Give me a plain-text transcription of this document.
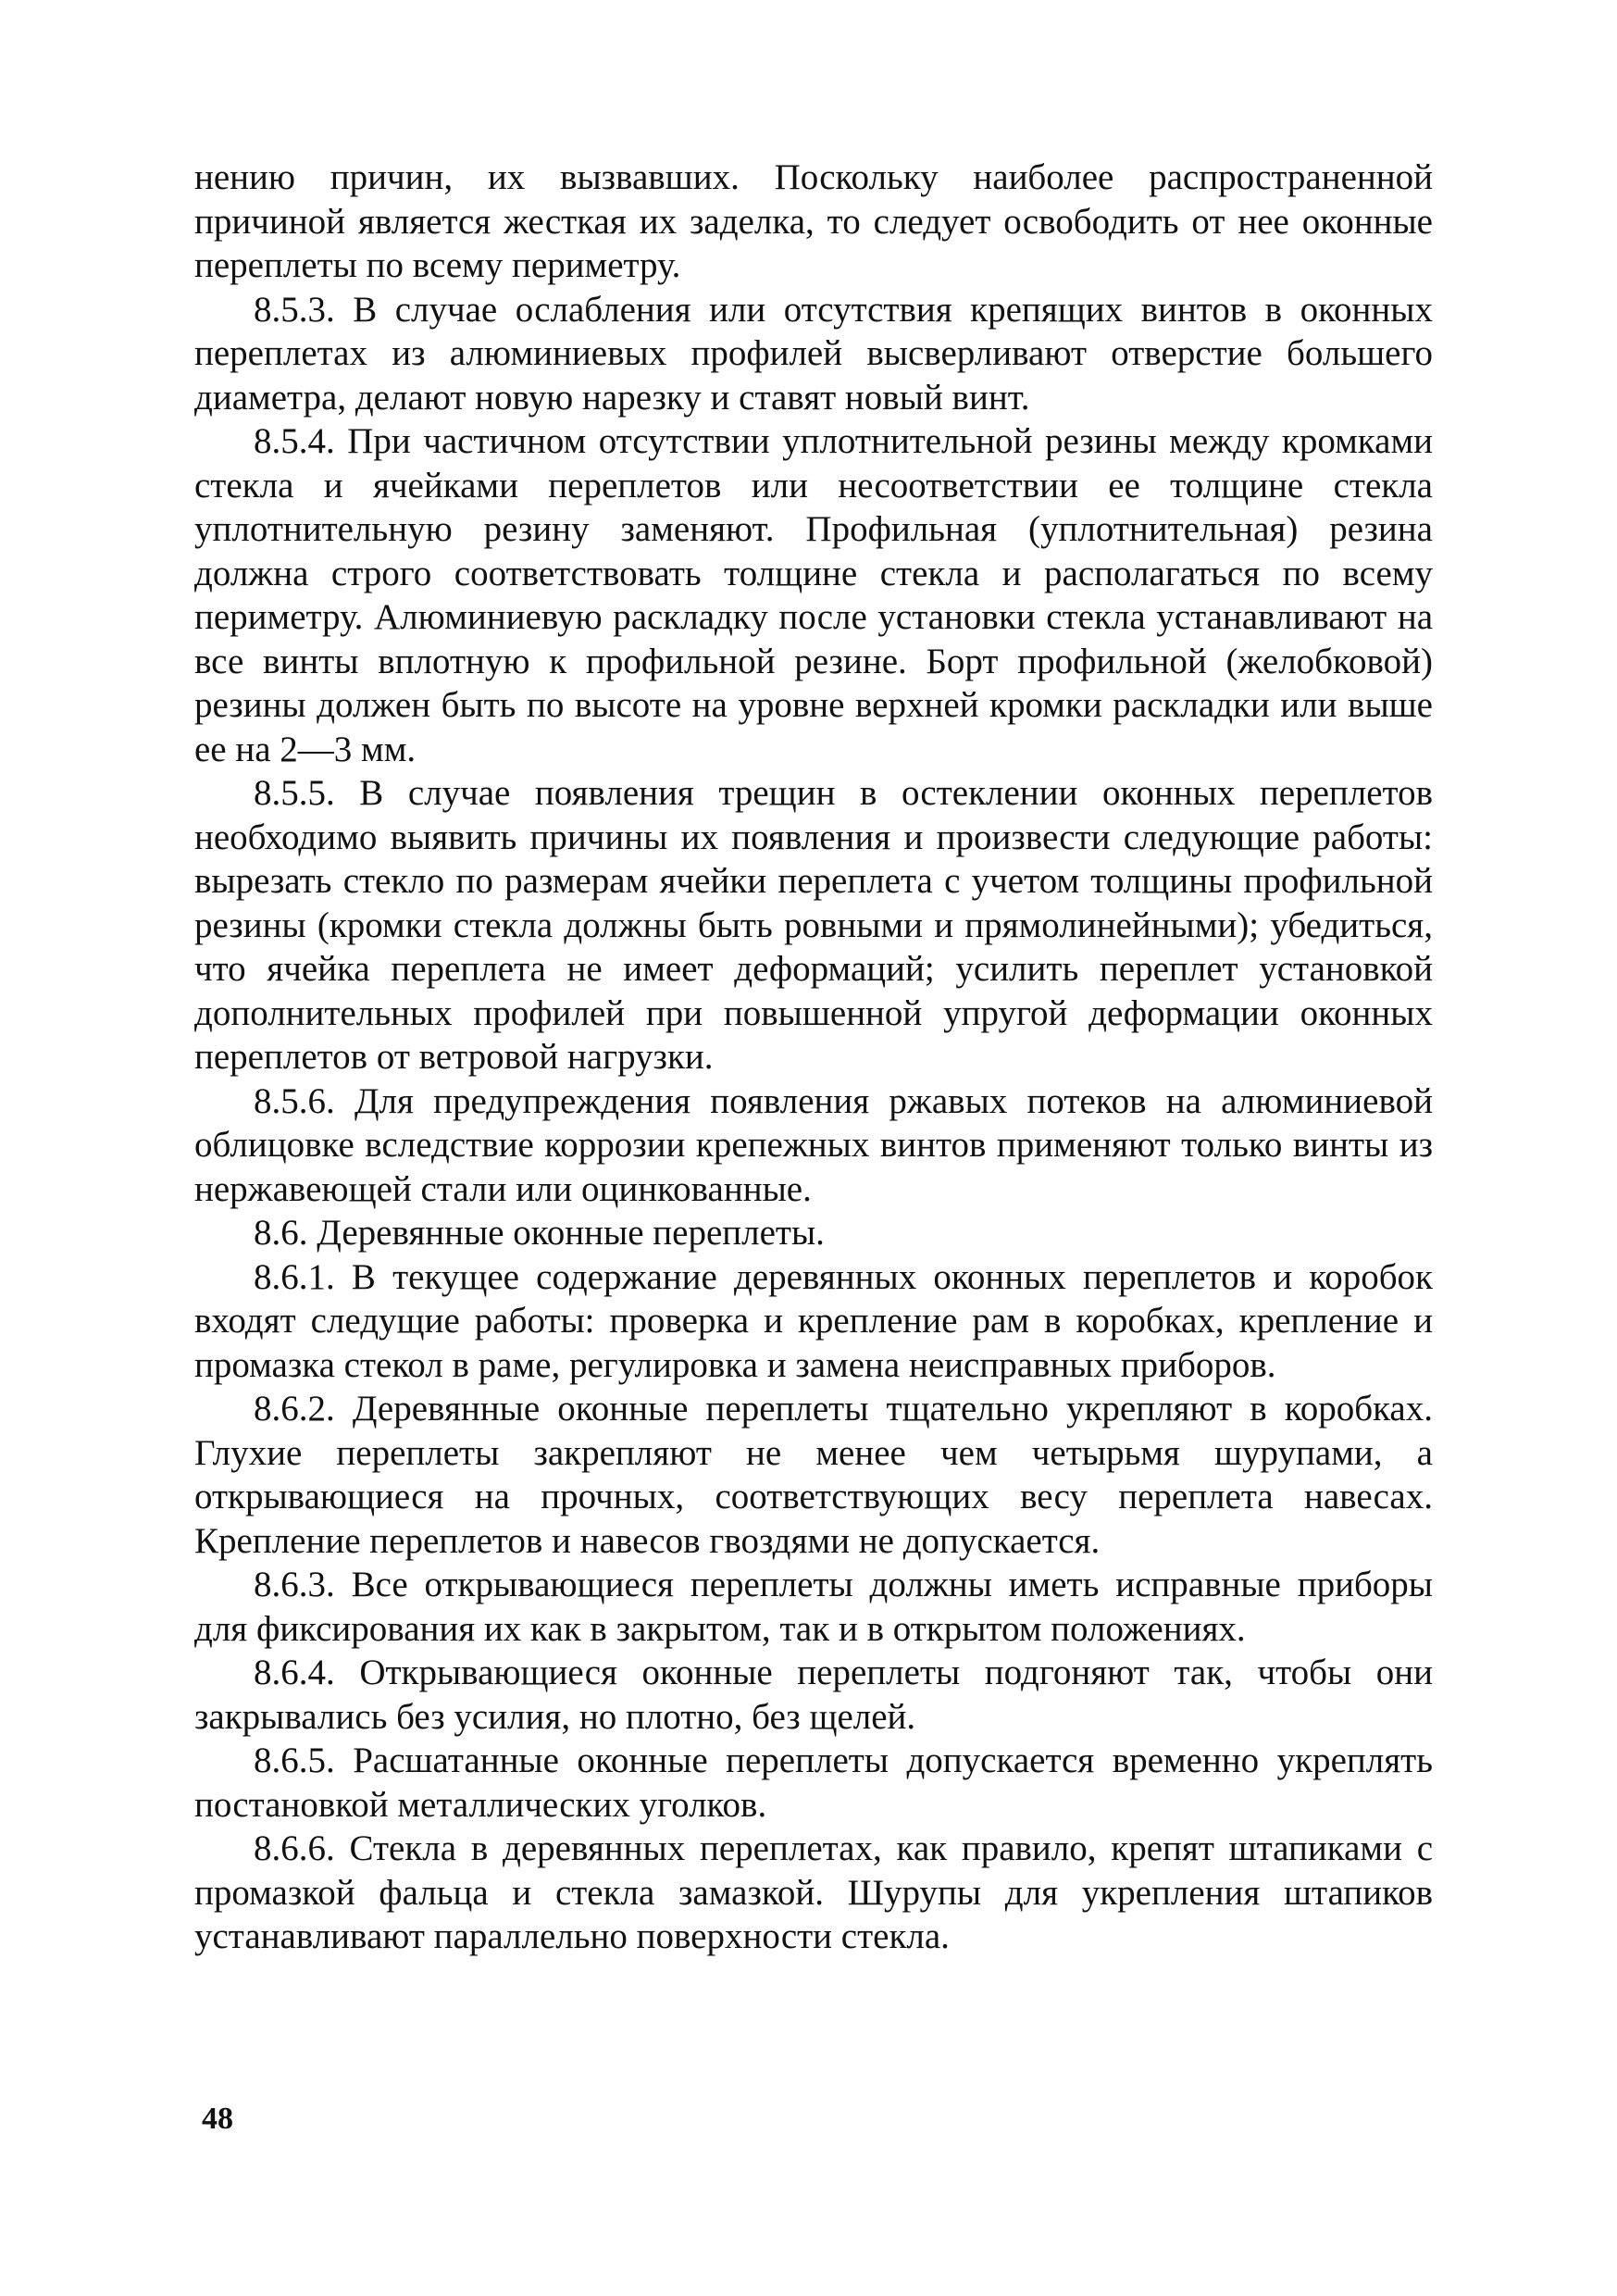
нению причин, их вызвавших. Поскольку наиболее распространенной причиной является жесткая их заделка, то следует освободить от нее оконные переплеты по всему периметру.

8.5.3. В случае ослабления или отсутствия крепящих винтов в оконных переплетах из алюминиевых профилей высверливают отверстие большего диаметра, делают новую нарезку и ставят новый винт.

8.5.4. При частичном отсутствии уплотнительной резины между кромками стекла и ячейками переплетов или несоответствии ее толщине стекла уплотнительную резину заменяют. Профильная (уплотнительная) резина должна строго соответствовать толщине стекла и располагаться по всему периметру. Алюминиевую раскладку после установки стекла устанавливают на все винты вплотную к профильной резине. Борт профильной (желобковой) резины должен быть по высоте на уровне верхней кромки раскладки или выше ее на 2—3 мм.

8.5.5. В случае появления трещин в остеклении оконных переплетов необходимо выявить причины их появления и произвести следующие работы: вырезать стекло по размерам ячейки переплета с учетом толщины профильной резины (кромки стекла должны быть ровными и прямолинейными); убедиться, что ячейка переплета не имеет деформаций; усилить переплет установкой дополнительных профилей при повышенной упругой деформации оконных переплетов от ветровой нагрузки.

8.5.6. Для предупреждения появления ржавых потеков на алюминиевой облицовке вследствие коррозии крепежных винтов применяют только винты из нержавеющей стали или оцинкованные.

8.6. Деревянные оконные переплеты.

8.6.1. В текущее содержание деревянных оконных переплетов и коробок входят следущие работы: проверка и крепление рам в коробках, крепление и промазка стекол в раме, регулировка и замена неисправных приборов.

8.6.2. Деревянные оконные переплеты тщательно укрепляют в коробках. Глухие переплеты закрепляют не менее чем четырьмя шурупами, а открывающиеся на прочных, соответствующих весу переплета навесах. Крепление переплетов и навесов гвоздями не допускается.

8.6.3. Все открывающиеся переплеты должны иметь исправные приборы для фиксирования их как в закрытом, так и в открытом положениях.

8.6.4. Открывающиеся оконные переплеты подгоняют так, чтобы они закрывались без усилия, но плотно, без щелей.

8.6.5. Расшатанные оконные переплеты допускается временно укреплять постановкой металлических уголков.

8.6.6. Стекла в деревянных переплетах, как правило, крепят штапиками с промазкой фальца и стекла замазкой. Шурупы для укрепления штапиков устанавливают параллельно поверхности стекла.

48
